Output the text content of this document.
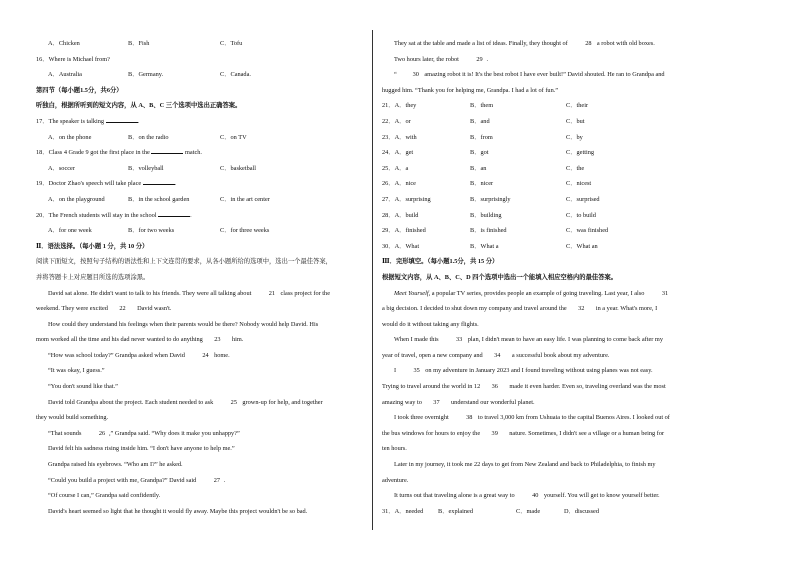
A．Chicken	B．Fish	C．Tofu
16．Where is Michael from?
A．Australia	B．Germany.	C．Canada.
第四节（每小题1.5分，共6分）
听独白，根据所听到的短文内容，从 A、B、C 三个选项中选出正确答案。
17．The speaker is talking	.
A．on the phone	B．on the radio	C．on TV
18．Class 4 Grade 9 got the first place in the	match.
A．soccer	B．volleyball	C．basketball
19．Doctor Zhao's speech will take place	.
A．on the playground	B．in the school garden	C．in the art center
20．The French students will stay in the school	.
A．for one week	B．for two weeks	C．for three weeks
Ⅱ．语法选择。（每小题 1 分，共 10 分）
阅读下面短文，按照句子结构的语法性和上下文连贯的要求，从各小题所给的选项中，选出一个最佳答案，
并将答题卡上对应题目所选的选项涂黑。
David sat alone. He didn't want to talk to his friends. They were all talking about	21 class project for the
weekend. They were excited 22 David wasn't.
How could they understand his feelings when their parents would be there? Nobody would help David. His
mom worked all the time and his dad never wanted to do anything 23 him.
“How was school today?” Grandpa asked when David	24 home.
“It was okay, I guess.”
“You don't sound like that.”
David told Grandpa about the project. Each student needed to ask	25 grown-up for help, and together
they would build something.
“That sounds	26 ,” Grandpa said. “Why does it make you unhappy?”
David felt his sadness rising inside him. “I don't have anyone to help me.”
Grandpa raised his eyebrows. “Who am I?” he asked.
“Could you build a project with me, Grandpa?” David said	27 .
“Of course I can,” Grandpa said confidently.
David's heart seemed so light that he thought it would fly away. Maybe this project wouldn't be so bad.
They sat at the table and made a list of ideas. Finally, they thought of	28 a robot with old boxes.
Two hours later, the robot	29 .
“	30 amazing robot it is! It's the best robot I have ever built!” David shouted. He ran to Grandpa and
hugged him. “Thank you for helping me, Grandpa. I had a lot of fun.”
21．A．they	B．them	C．their
22．A．or	B．and	C．but
23．A．with	B．from	C．by
24．A．get	B．got	C．getting
25．A．a	B．an	C．the
26．A．nice	B．nicer	C．nicest
27．A．surprising	B．surprisingly	C．surprised
28．A．build	B．building	C．to build
29．A．finished	B．is finished	C．was finished
30．A．What	B．What a	C．What an
Ⅲ．完形填空。（每小题1.5分，共 15 分）
根据短文内容，从 A、B、C、D 四个选项中选出一个能填入相应空格内的最佳答案。
Meet Yourself, a popular TV series, provides people an example of going traveling. Last year, I also	31
a big decision. I decided to shut down my company and travel around the 32 in a year. What's more, I
would do it without taking any flights.
When I made this	33 plan, I didn't mean to have an easy life. I was planning to come back after my
year of travel, open a new company and 34 a successful book about my adventure.
I	35 on my adventure in January 2023 and I found traveling without using planes was not easy.
Trying to travel around the world in 12 36 made it even harder. Even so, traveling overland was the most
amazing way to 37 understand our wonderful planet.
I took three overnight	38 to travel 3,000 km from Ushuaia to the capital Buenos Aires. I looked out of
the bus windows for hours to enjoy the 39 nature. Sometimes, I didn't see a village or a human being for
ten hours.
Later in my journey, it took me 22 days to get from New Zealand and back to Philadelphia, to finish my
adventure.
It turns out that traveling alone is a great way to	40 yourself. You will get to know yourself better.
31．A．needed	B．explained	C．made	D．discussed
